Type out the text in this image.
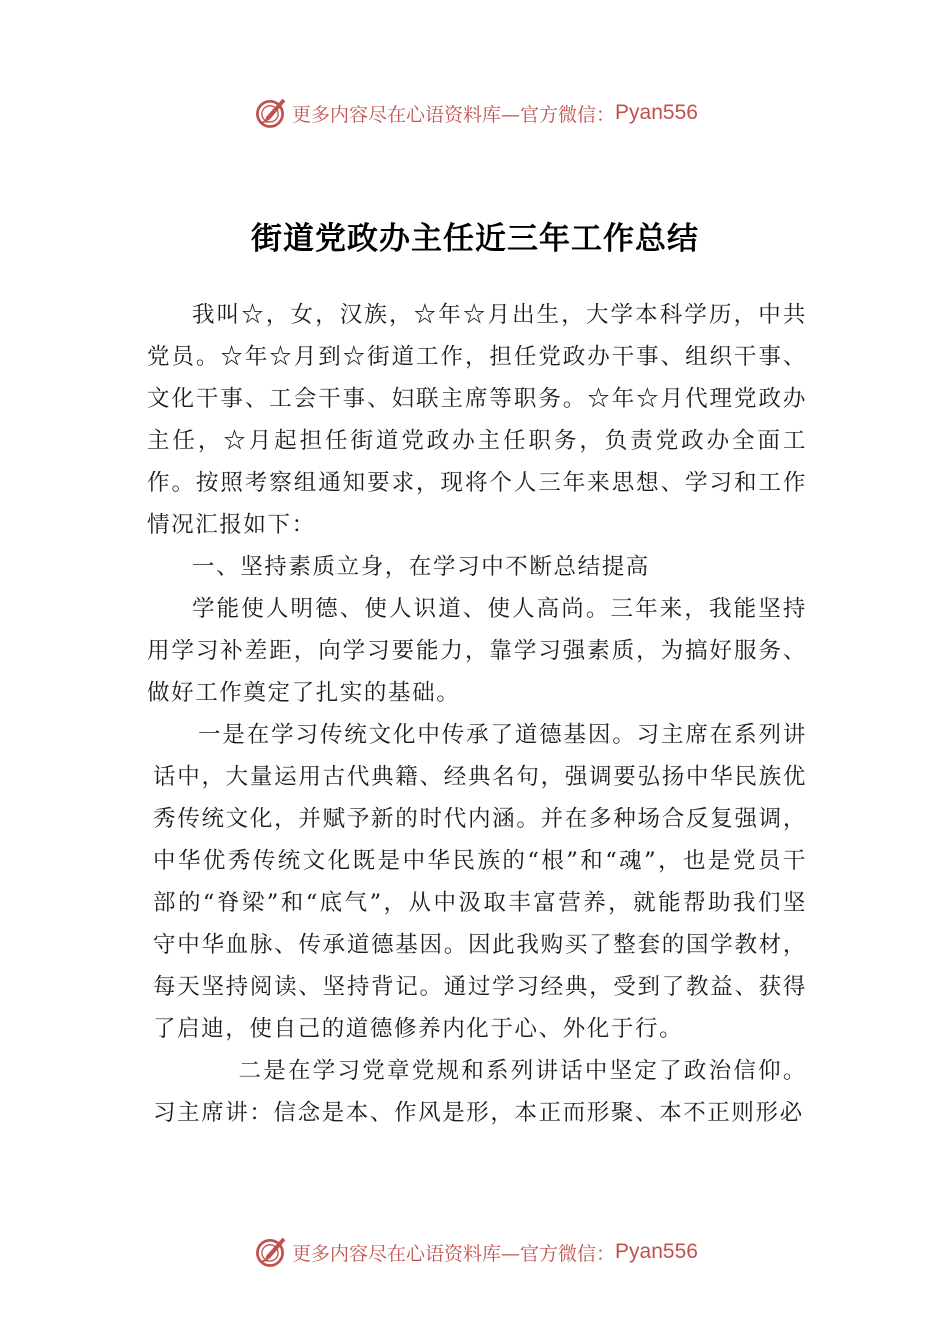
更多内容尽在心语资料库—官方微信： Pyan556
街道党政办主任近三年工作总结

我叫☆，女，汉族，☆年☆月出生，大学本科学历，中共党员。☆年☆月到☆街道工作，担任党政办干事、组织干事、文化干事、工会干事、妇联主席等职务。☆年☆月代理党政办主任，☆月起担任街道党政办主任职务，负责党政办全面工作。按照考察组通知要求，现将个人三年来思想、学习和工作情况汇报如下：

一、坚持素质立身，在学习中不断总结提高

学能使人明德、使人识道、使人高尚。三年来，我能坚持用学习补差距，向学习要能力，靠学习强素质，为搞好服务、做好工作奠定了扎实的基础。

一是在学习传统文化中传承了道德基因。习主席在系列讲话中，大量运用古代典籍、经典名句，强调要弘扬中华民族优秀传统文化，并赋予新的时代内涵。并在多种场合反复强调，中华优秀传统文化既是中华民族的“根”和“魂”，也是党员干部的“脊梁”和“底气”，从中汲取丰富营养，就能帮助我们坚守中华血脉、传承道德基因。因此我购买了整套的国学教材，每天坚持阅读、坚持背记。通过学习经典，受到了教益、获得了启迪，使自己的道德修养内化于心、外化于行。

二是在学习党章党规和系列讲话中坚定了政治信仰。习主席讲：信念是本、作风是形，本正而形聚、本不正则形必

更多内容尽在心语资料库—官方微信： Pyan556
